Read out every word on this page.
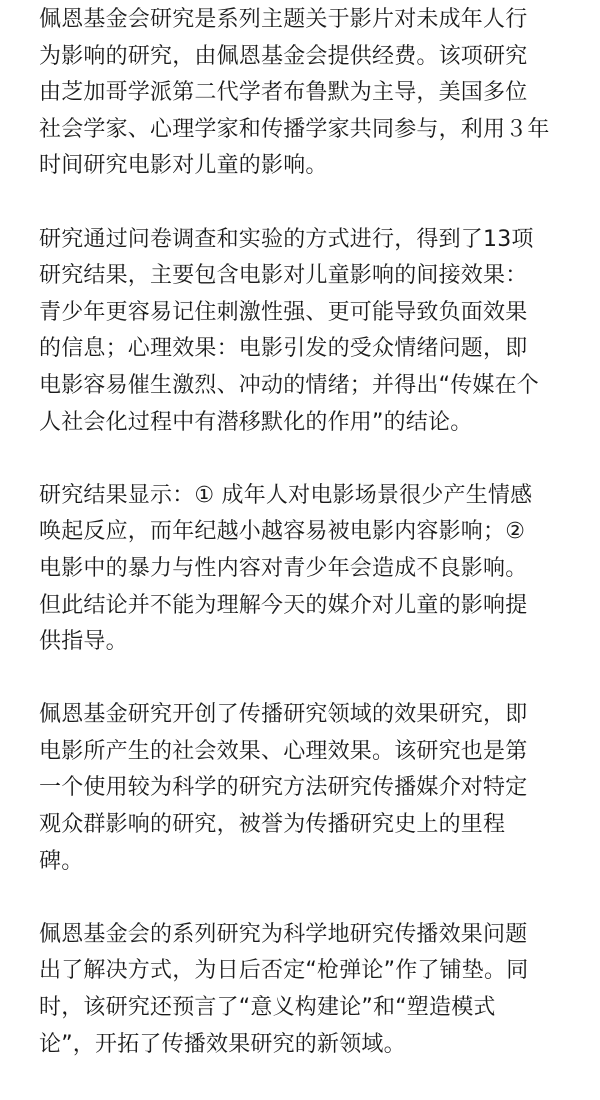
佩恩基金会研究是系列主题关于影片对未成年人行
为影响的研究，由佩恩基金会提供经费。该项研究
由芝加哥学派第二代学者布鲁默为主导，美国多位
社会学家、心理学家和传播学家共同参与，利用３年
时间研究电影对儿童的影响。

研究通过问卷调查和实验的方式进行，得到了13项
研究结果，主要包含电影对儿童影响的间接效果：
青少年更容易记住刺激性强、更可能导致负面效果
的信息；心理效果：电影引发的受众情绪问题，即
电影容易催生激烈、冲动的情绪；并得出“传媒在个
人社会化过程中有潜移默化的作用”的结论。

研究结果显示：① 成年人对电影场景很少产生情感
唤起反应，而年纪越小越容易被电影内容影响；②
电影中的暴力与性内容对青少年会造成不良影响。
但此结论并不能为理解今天的媒介对儿童的影响提
供指导。

佩恩基金研究开创了传播研究领域的效果研究，即
电影所产生的社会效果、心理效果。该研究也是第
一个使用较为科学的研究方法研究传播媒介对特定
观众群影响的研究，被誉为传播研究史上的里程
碑。

佩恩基金会的系列研究为科学地研究传播效果问题
出了解决方式，为日后否定“枪弹论”作了铺垫。同
时，该研究还预言了“意义构建论”和“塑造模式
论”，开拓了传播效果研究的新领域。
